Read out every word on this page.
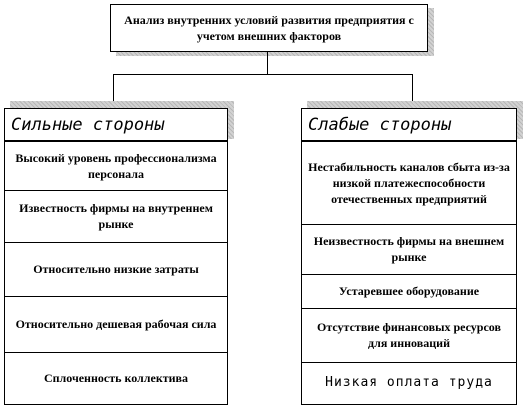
Анализ внутренних условий развития предприятия с учетом внешних факторов
Сильные стороны
Высокий уровень профессионализма персонала
Известность фирмы на внутреннем рынке
Относительно низкие затраты
Относительно дешевая рабочая сила
Сплоченность коллектива
Слабые стороны
Нестабильность каналов сбыта из-за низкой платежеспособности отечественных предприятий
Неизвестность фирмы на внешнем рынке
Устаревшее оборудование
Отсутствие финансовых ресурсов для инноваций
Низкая оплата труда
